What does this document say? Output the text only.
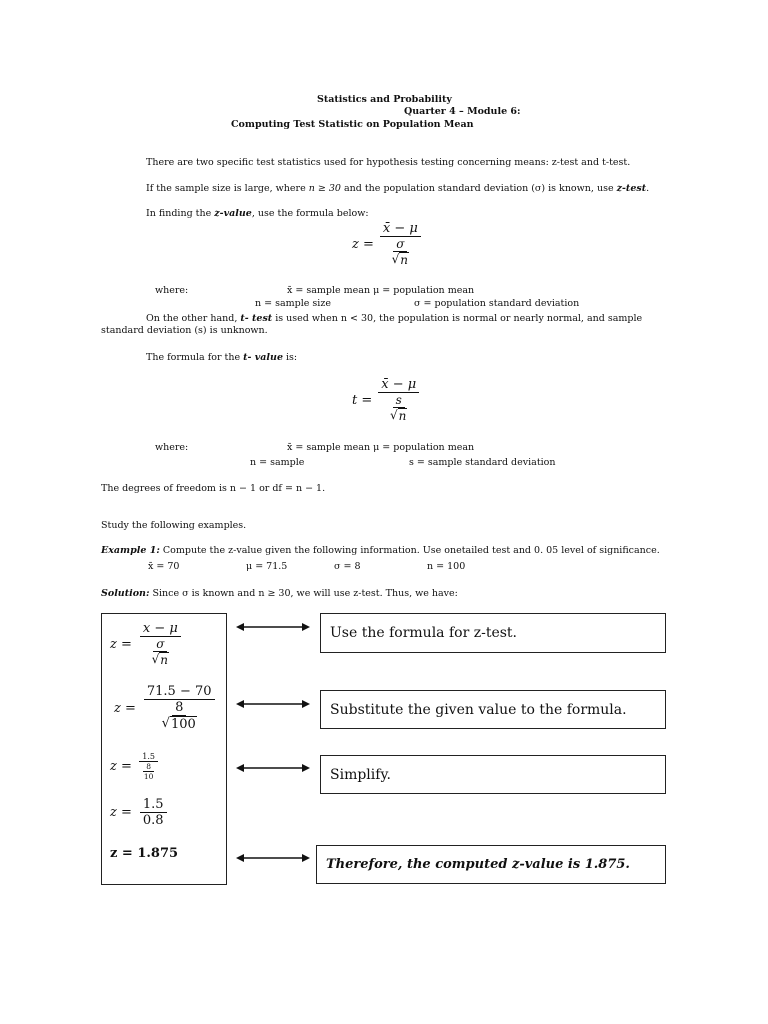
Statistics and Probability
Quarter 4 – Module 6:
Computing Test Statistic on Population Mean
There are two specific test statistics used for hypothesis testing concerning means: z-test and t-test.
If the sample size is large, where n ≥ 30 and the population standard deviation (σ) is known, use z-test.
In finding the z-value, use the formula below:
$z = \frac{x̄ - \mu}{\frac{\sigma}{√ n}}$
where:	x̄ = sample mean μ = population mean
n = sample size	σ = population standard deviation
On the other hand, t- test is used when n < 30, the population is normal or nearly normal, and sample
standard deviation (s) is unknown.
The formula for the t- value is:
$t = \frac{x̄ - \mu}{\frac{s}{√ n}}$
where:	x̄ = sample mean μ = population mean
n = sample	s = sample standard deviation
The degrees of freedom is n − 1 or df = n − 1.
Study the following examples.
Example 1: Compute the z-value given the following information. Use onetailed test and 0. 05 level of significance.
x̄ = 70	μ = 71.5	σ = 8	n = 100
Solution: Since σ is known and n ≥ 30, we will use z-test. Thus, we have:
$z = \frac{x - \mu}{\frac{\sigma}{√ n}}$
$z = \frac{71.5 - 70}{\frac{8}{√ 100}}$
$z = \frac{1.5}{\frac{8}{10}}$
$z = \frac{1.5}{0.8}$
z = 1.875
Use the formula for z-test.
Substitute the given value to the formula.
Simplify.
Therefore, the computed z-value is 1.875.
